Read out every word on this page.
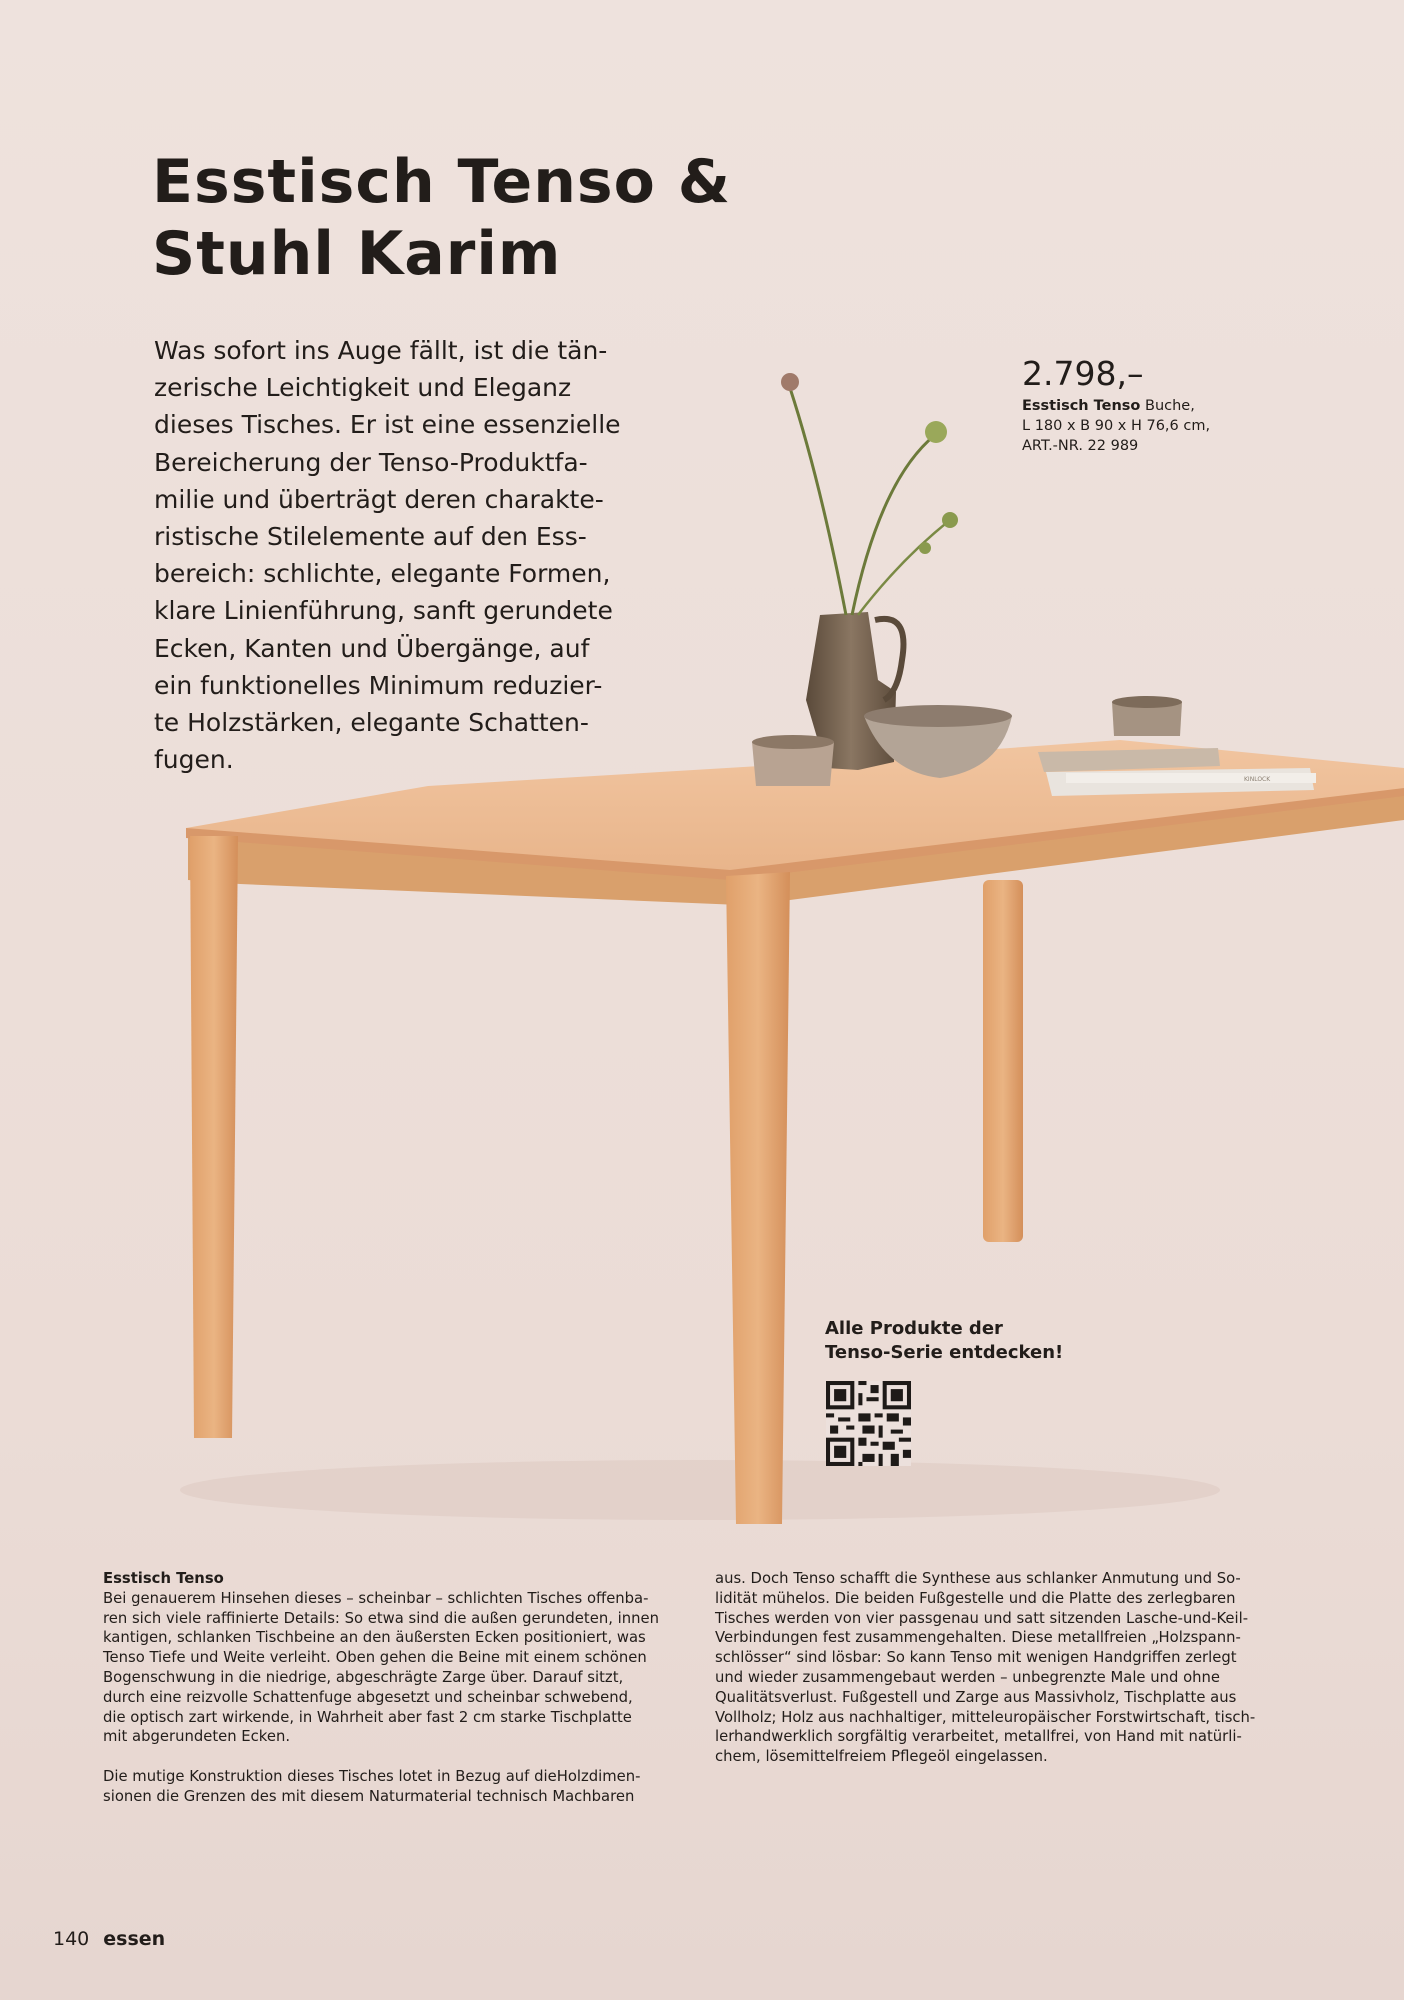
KINLOCK
Esstisch Tenso &
Stuhl Karim

Was sofort ins Auge fällt, ist die tän-
zerische Leichtigkeit und Eleganz
dieses Tisches. Er ist eine essenzielle
Bereicherung der Tenso-Produktfa-
milie und überträgt deren charakte-
ristische Stilelemente auf den Ess-
bereich: schlichte, elegante Formen,
klare Linienführung, sanft gerundete
Ecken, Kanten und Übergänge, auf
ein funktionelles Minimum reduzier-
te Holzstärken, elegante Schatten-
fugen.

2.798,–
Esstisch Tenso Buche,
L 180 x B 90 x H 76,6 cm,
ART.-NR. 22 989
Alle Produkte der
Tenso-Serie entdecken!
Esstisch Tenso
Bei genauerem Hinsehen dieses – scheinbar – schlichten Tisches offenba-
ren sich viele raffinierte Details: So etwa sind die außen gerundeten, innen
kantigen, schlanken Tischbeine an den äußersten Ecken positioniert, was
Tenso Tiefe und Weite verleiht. Oben gehen die Beine mit einem schönen
Bogenschwung in die niedrige, abgeschrägte Zarge über. Darauf sitzt,
durch eine reizvolle Schattenfuge abgesetzt und scheinbar schwebend,
die optisch zart wirkende, in Wahrheit aber fast 2 cm starke Tischplatte
mit abgerundeten Ecken.
Die mutige Konstruktion dieses Tisches lotet in Bezug auf dieHolzdimen-
sionen die Grenzen des mit diesem Naturmaterial technisch Machbaren
aus. Doch Tenso schafft die Synthese aus schlanker Anmutung und So-
lidität mühelos. Die beiden Fußgestelle und die Platte des zerlegbaren
Tisches werden von vier passgenau und satt sitzenden Lasche-und-Keil-
Verbindungen fest zusammengehalten. Diese metallfreien „Holzspann-
schlösser“ sind lösbar: So kann Tenso mit wenigen Handgriffen zerlegt
und wieder zusammengebaut werden – unbegrenzte Male und ohne
Qualitätsverlust. Fußgestell und Zarge aus Massivholz, Tischplatte aus
Vollholz; Holz aus nachhaltiger, mitteleuropäischer Forstwirtschaft, tisch-
lerhandwerklich sorgfältig verarbeitet, metallfrei, von Hand mit natürli-
chem, lösemittelfreiem Pflegeöl eingelassen.
140 essen
